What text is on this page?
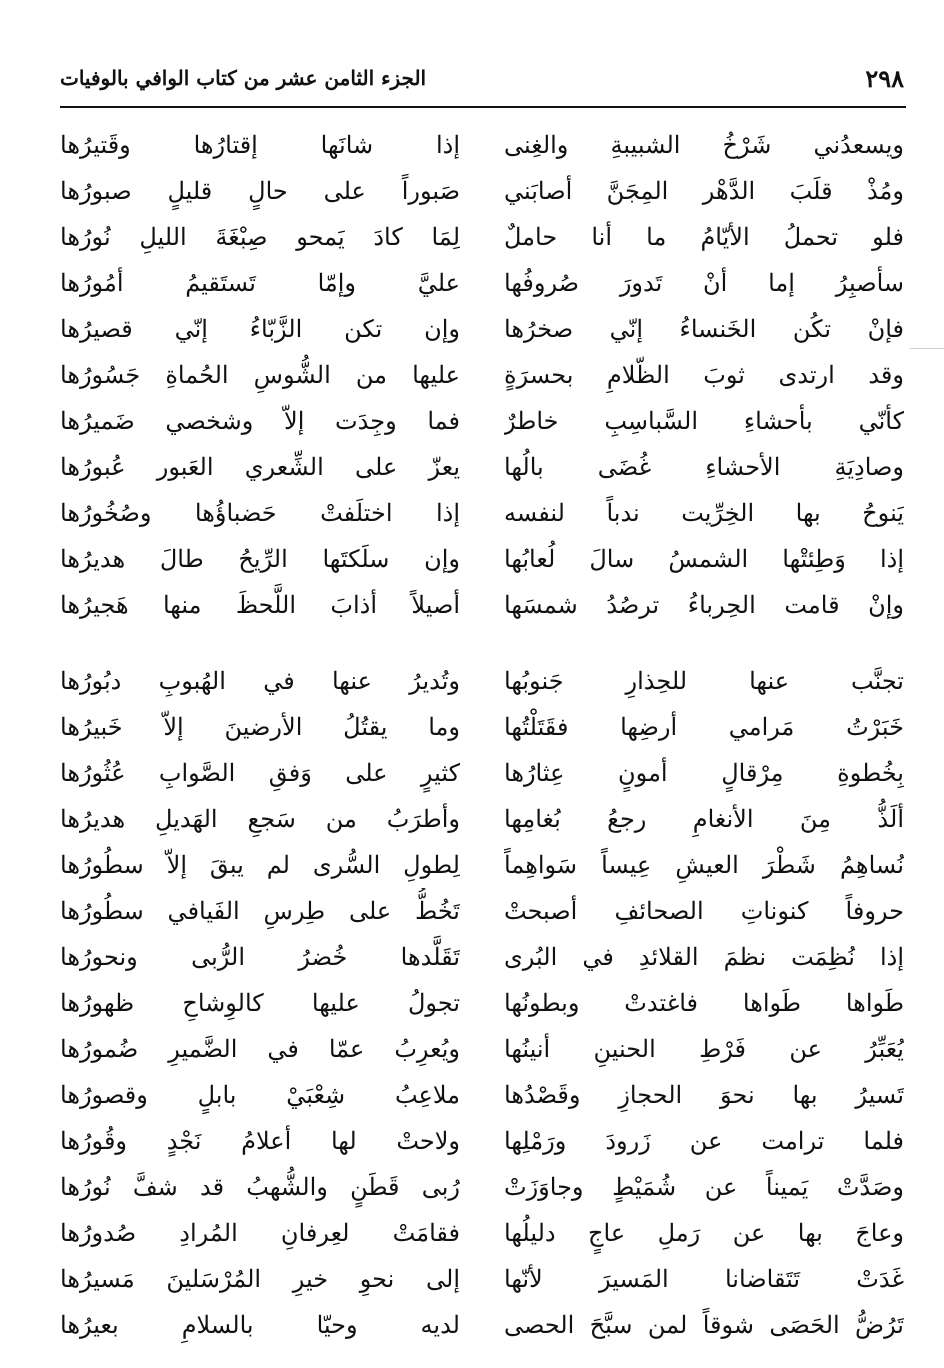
٢٩٨
الجزء الثامن عشر من كتاب الوافي بالوفيات
ويسعدُني شَرْخُ الشبيبةِ والغِنى
إذا شانَها إقتارُها وقَتيرُها
ومُذْ قلَبَ الدَّهْر المِجَنَّ أصابَني
صَبوراً على حالٍ قليلٍ صبورُها
فلو تحملُ الأيّامُ ما أنا حاملٌ
لِمَا كادَ يَمحو صِبْغَةَ الليلِ نُورُها
سأصبِرُ إما أنْ تَدورَ صُروفُها
عليَّ وإمّا تَستَقيمُ أمُورُها
فإنْ تكُن الخَنساءُ إنّي صخرُها
وإن تكن الزَّبّاءُ إنّي قصيرُها
وقد ارتدى ثوبَ الظّلامِ بحسرَةٍ
عليها من الشُّوسِ الحُماةِ جَسُورُها
كأنّي بأحشاءِ السَّباسِبِ خاطرٌ
فما وجِدَت إلاّ وشخصي ضَميرُها
وصادِيَةِ الأحشاءِ غُضَى بالُها
يعزّ على الشِّعري العَبور عُبورُها
يَنوحُ بها الخِرِّيت ندباً لنفسه
إذا اختلَفتْ حَضباؤُها وصُخُورُها
إذا وَطِئتْها الشمسُ سالَ لُعابُها
وإن سلَكتَها الرِّيحُ طالَ هديرُها
وإنْ قامت الحِرباءُ ترصُدُ شمسَها
أصيلاً أذابَ اللَّحظَ منها هَجيرُها
تجنَّب عنها للحِذارِ جَنوبُها
وتُديرُ عنها في الهُبوبِ دبُورُها
خَبَرْتُ مَرامي أرضِها فقَتَلْتُها
وما يقتُلُ الأرضينَ إلاّ خَبيرُها
بِخُطوةِ مِرْقالٍ أمونٍ عِثارُها
كثيرٍ على وَفقِ الصَّوابِ عُثُورُها
ألَذُّ مِنَ الأنغامِ رجعُ بُغامِها
وأطرَبُ من سَجعِ الهَديلِ هديرُها
نُساهِمُ شَطْرَ العيشِ عِيساً سَواهِماً
لِطولِ السُّرى لم يبقَ إلاّ سطُورُها
حروفاً كنوناتِ الصحائفِ أصبحتْ
تَخُطُّ على طِرسِ الفَيافي سطُورُها
إذا نُظِمَت نظمَ القلائدِ في البُرى
تَقَلَّدها خُضرُ الرُّبى ونحورُها
طَواها طَواها فاغتدتْ وبطونُها
تجولُ عليها كالوِشاحِ ظهورُها
يُعَبِّرُ عن فَرْطِ الحنينِ أنينُها
ويُعرِبُ عمّا في الضَّميرِ ضُمورُها
تَسيرُ بها نحوَ الحجازِ وقَصْدُها
ملاعِبُ شِعْبَيْ بابلٍ وقصورُها
فلما ترامت عن زَرودَ ورَمْلِها
ولاحتْ لها أعلامُ نَجْدٍ وقُورُها
وصَدَّتْ يَميناً عن شُمَيْطٍ وجاوَزَتْ
رُبى قَطَنٍ والشُّهبُ قد شفَّ نُورُها
وعاجَ بها عن رَملِ عاجٍ دليلُها
فقامَتْ لعِرفانِ المُرادِ صُدورُها
غَدَتْ تَتَقاضانا المَسيرَ لأنّها
إلى نحوِ خيرِ المُرْسَلينَ مَسيرُها
تَرُضُّ الحَصَى شوقاً لمن سبَّحَ الحصى
لديه وحيّا بالسلامِ بعيرُها
